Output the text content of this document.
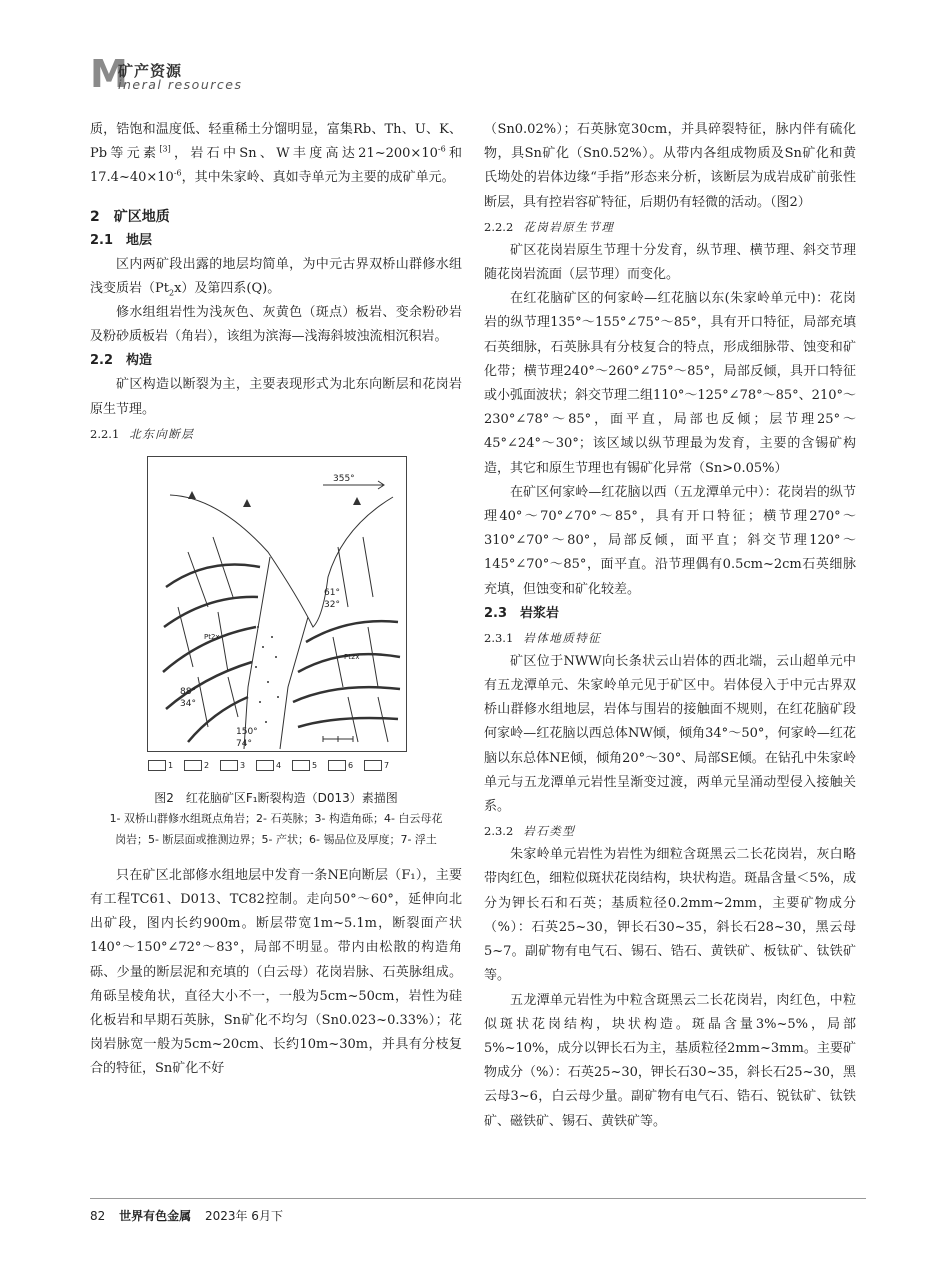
M
矿产资源
ineral resources

质，锆饱和温度低、轻重稀土分馏明显，富集Rb、Th、U、K、Pb等元素[3]，岩石中Sn、W丰度高达$21\sim 200\times 10^{-6}$和$17.4\sim 40\times 10^{-6}$，其中朱家岭、真如寺单元为主要的成矿单元。

2　矿区地质
2.1　地层

区内两矿段出露的地层均简单，为中元古界双桥山群修水组浅变质岩$(Pt_2x)$及第四系(Q)。

修水组组岩性为浅灰色、灰黄色（斑点）板岩、变余粉砂岩及粉砂质板岩（角岩），该组为滨海—浅海斜坡浊流相沉积岩。

2.2　构造

矿区构造以断裂为主，主要表现形式为北东向断层和花岗岩原生节理。

2.2.1 北东向断层
355°
61°
32°
88°
34°
150°
74°
Pt2x
Pt2x
1	2	3	4	5	6	7
图2　红花脑矿区F₁断裂构造（D013）素描图
1- 双桥山群修水组斑点角岩；2- 石英脉；3- 构造角砾；4- 白云母花
岗岩；5- 断层面或推测边界；5- 产状；6- 锡品位及厚度；7- 浮土

只在矿区北部修水组地层中发育一条NE向断层（F₁），主要有工程TC61、D013、TC82控制。走向50°～60°，延伸向北出矿段，图内长约900m。断层带宽1m~5.1m，断裂面产状140°～150°∠72°～83°，局部不明显。带内由松散的构造角砾、少量的断层泥和充填的（白云母）花岗岩脉、石英脉组成。角砾呈棱角状，直径大小不一，一般为5cm~50cm，岩性为硅化板岩和早期石英脉，Sn矿化不均匀（Sn0.023~0.33%）；花岗岩脉宽一般为5cm~20cm、长约10m~30m，并具有分枝复合的特征，Sn矿化不好

（Sn0.02%）；石英脉宽30cm，并具碎裂特征，脉内伴有硫化物，具Sn矿化（Sn0.52%）。从带内各组成物质及Sn矿化和黄氏坳处的岩体边缘“手指”形态来分析，该断层为成岩成矿前张性断层，具有控岩容矿特征，后期仍有轻微的活动。（图2）

2.2.2 花岗岩原生节理

矿区花岗岩原生节理十分发育，纵节理、横节理、斜交节理随花岗岩流面（层节理）而变化。

在红花脑矿区的何家岭—红花脑以东(朱家岭单元中)：花岗岩的纵节理135°～155°∠75°～85°，具有开口特征，局部充填石英细脉，石英脉具有分枝复合的特点，形成细脉带、蚀变和矿化带；横节理240°～260°∠75°～85°，局部反倾，具开口特征或小弧面波状；斜交节理二组110°～125°∠78°～85°、210°～230°∠78°～85°，面平直，局部也反倾；层节理25°～45°∠24°～30°；该区域以纵节理最为发育，主要的含锡矿构造，其它和原生节理也有锡矿化异常（Sn>0.05%）

在矿区何家岭—红花脑以西（五龙潭单元中）：花岗岩的纵节理40°～70°∠70°～85°，具有开口特征；横节理270°～310°∠70°～80°，局部反倾，面平直；斜交节理120°～145°∠70°～85°，面平直。沿节理偶有0.5cm~2cm石英细脉充填，但蚀变和矿化较差。

2.3　岩浆岩
2.3.1 岩体地质特征

矿区位于NWW向长条状云山岩体的西北端，云山超单元中有五龙潭单元、朱家岭单元见于矿区中。岩体侵入于中元古界双桥山群修水组地层，岩体与围岩的接触面不规则，在红花脑矿段何家岭—红花脑以西总体NW倾，倾角34°～50°，何家岭—红花脑以东总体NE倾，倾角20°～30°、局部SE倾。在钻孔中朱家岭单元与五龙潭单元岩性呈渐变过渡，两单元呈涌动型侵入接触关系。

2.3.2 岩石类型

朱家岭单元岩性为岩性为细粒含斑黑云二长花岗岩，灰白略带肉红色，细粒似斑状花岗结构，块状构造。斑晶含量＜5%，成分为钾长石和石英；基质粒径0.2mm~2mm，主要矿物成分（%）：石英25~30，钾长石30~35，斜长石28~30，黑云母5~7。副矿物有电气石、锡石、锆石、黄铁矿、板钛矿、钛铁矿等。

五龙潭单元岩性为中粒含斑黑云二长花岗岩，肉红色，中粒似斑状花岗结构，块状构造。斑晶含量3%~5%，局部5%~10%，成分以钾长石为主，基质粒径2mm~3mm。主要矿物成分（%）：石英25~30，钾长石30~35，斜长石25~30，黑云母3~6，白云母少量。副矿物有电气石、锆石、锐钛矿、钛铁矿、磁铁矿、锡石、黄铁矿等。

82 世界有色金属 2023年 6月下
